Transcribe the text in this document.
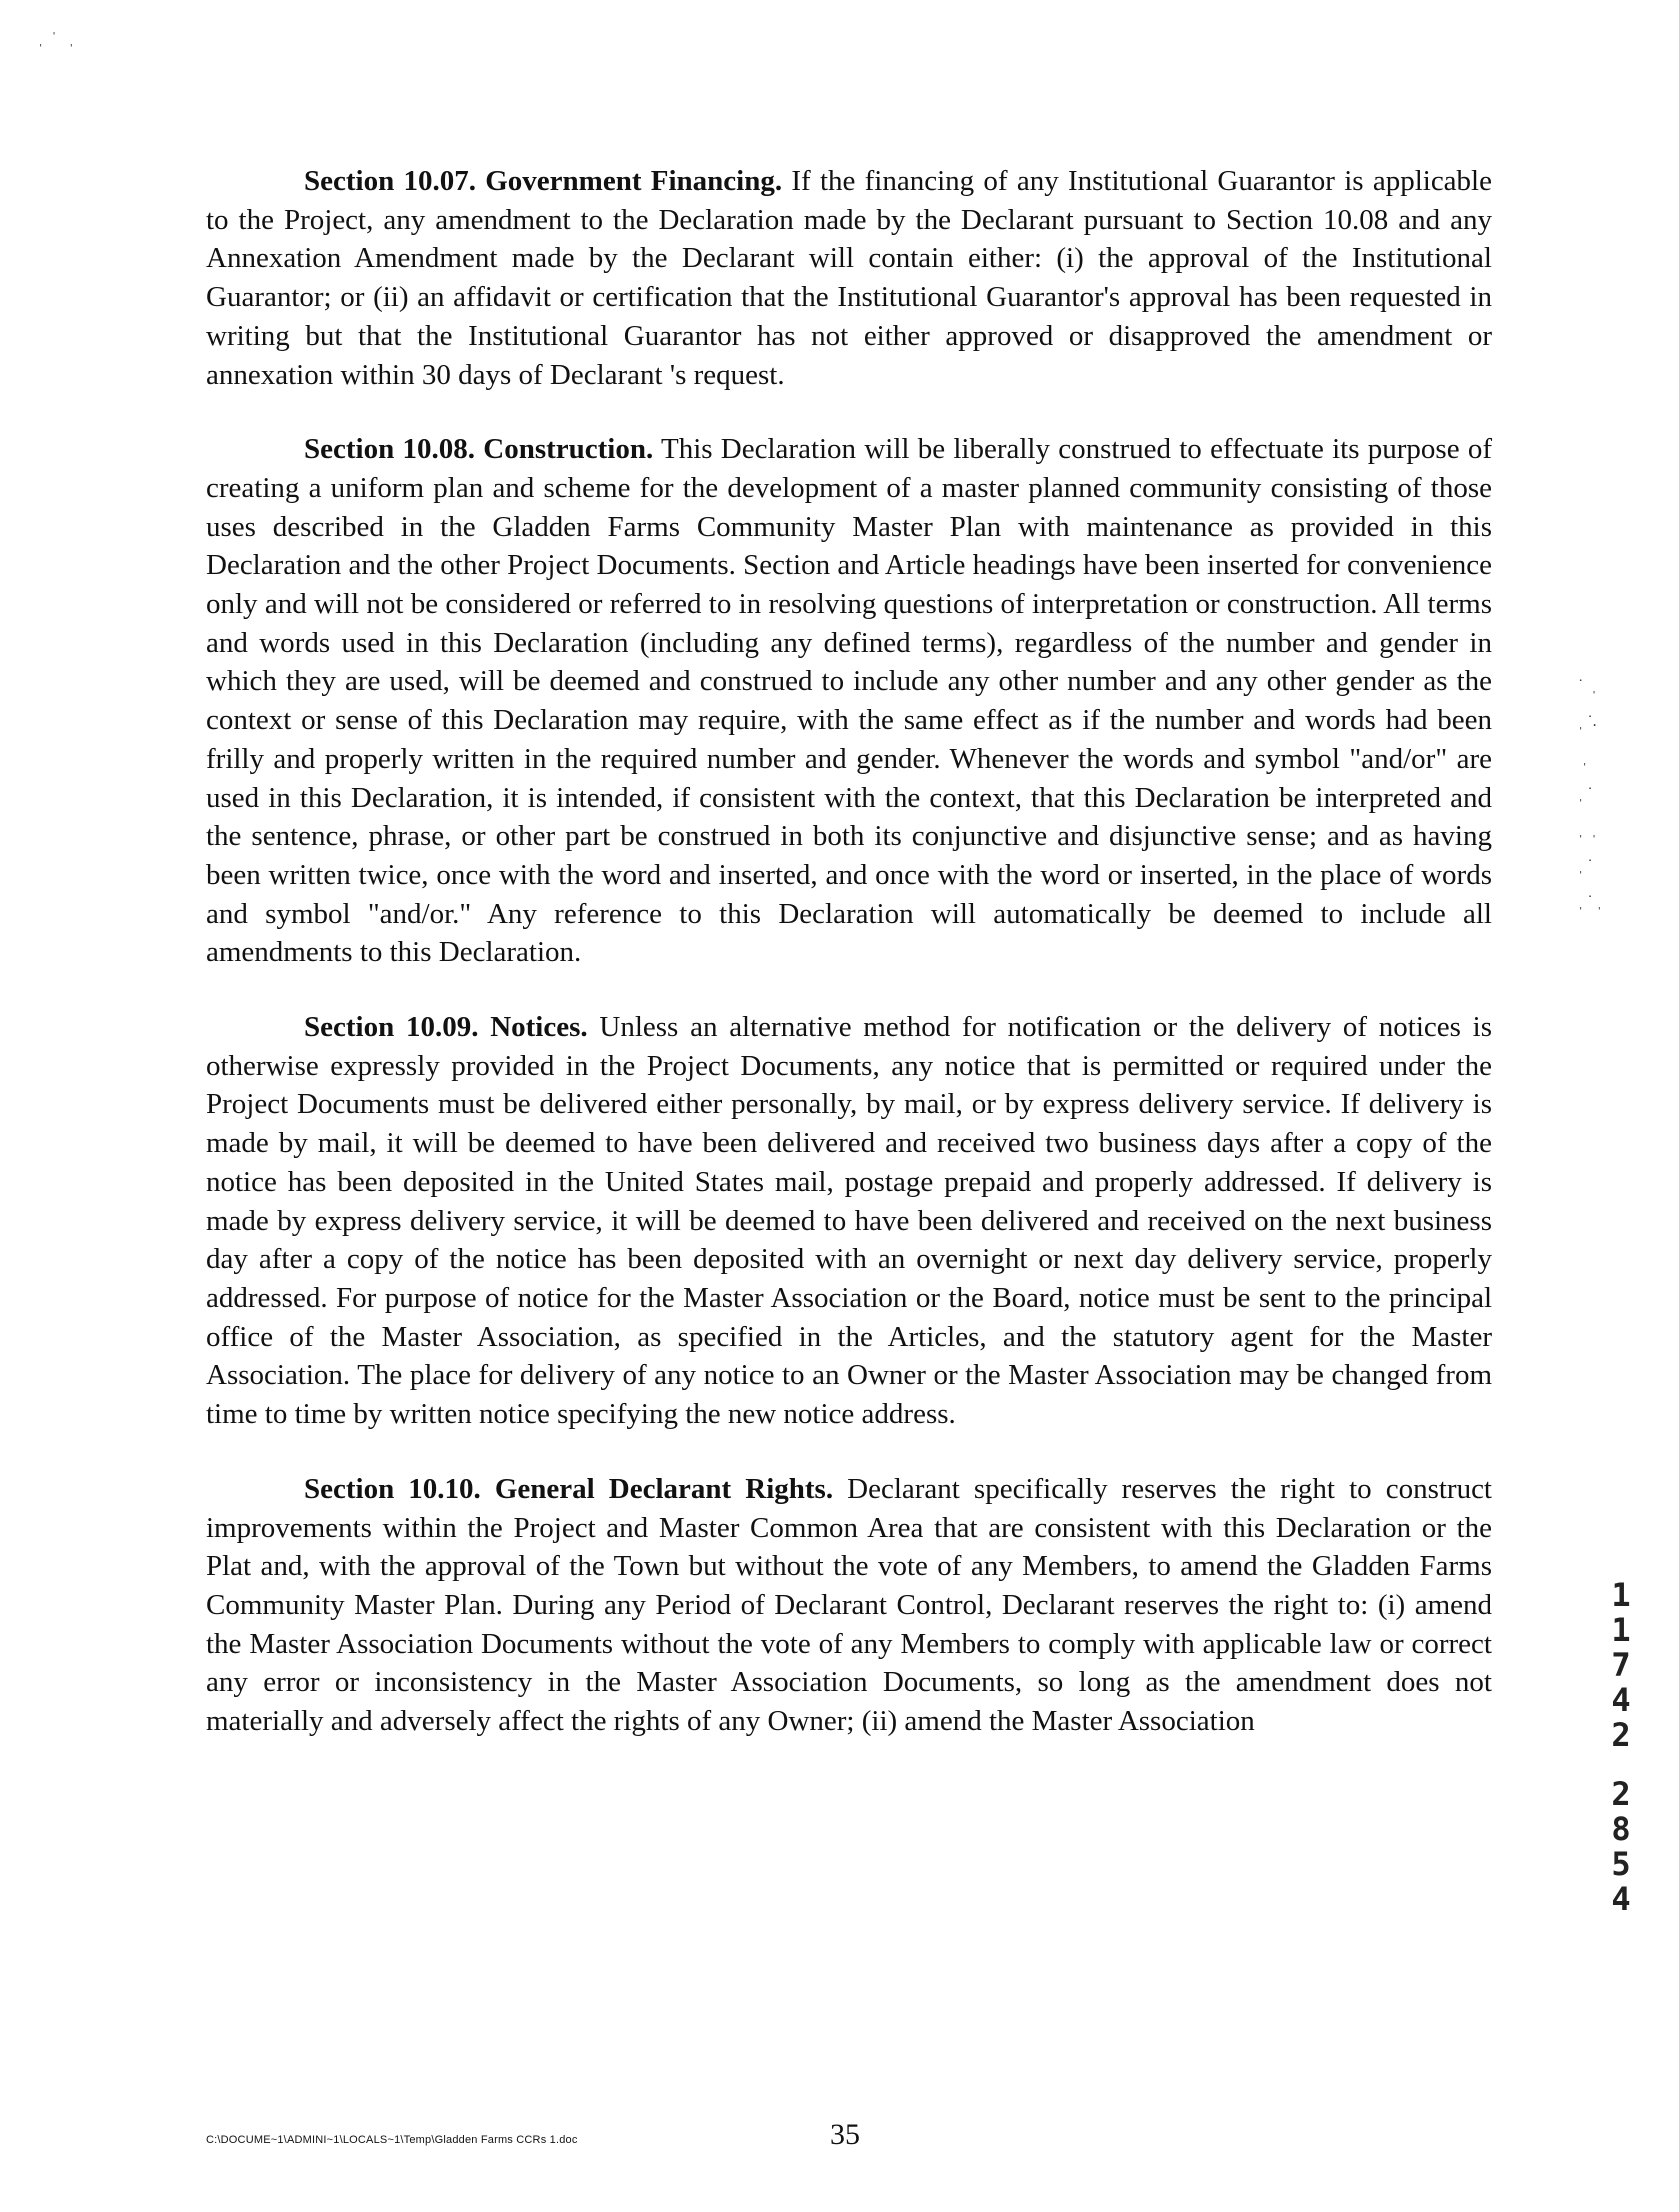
ˌ  ˈ   ˌ
˙  ˌ
ˌ ˙.
ˌ
ˌ ˙
ˌ  ˌ
ˌ ˙
ˌ ˙ ˌ

Section 10.07. Government Financing. If the financing of any Institutional Guarantor is applicable to the Project, any amendment to the Declaration made by the Declarant pursuant to Section 10.08 and any Annexation Amendment made by the Declarant will contain either: (i) the approval of the Institutional Guarantor; or (ii) an affidavit or certification that the Institutional Guarantor's approval has been requested in writing but that the Institutional Guarantor has not either approved or disapproved the amendment or annexation within 30 days of Declarant 's request.

Section 10.08. Construction. This Declaration will be liberally construed to effectuate its purpose of creating a uniform plan and scheme for the development of a master planned community consisting of those uses described in the Gladden Farms Community Master Plan with maintenance as provided in this Declaration and the other Project Documents. Section and Article headings have been inserted for convenience only and will not be considered or referred to in resolving questions of interpretation or construction. All terms and words used in this Declaration (including any defined terms), regardless of the number and gender in which they are used, will be deemed and construed to include any other number and any other gender as the context or sense of this Declaration may require, with the same effect as if the number and words had been frilly and properly written in the required number and gender. Whenever the words and symbol "and/or" are used in this Declaration, it is intended, if consistent with the context, that this Declaration be interpreted and the sentence, phrase, or other part be construed in both its conjunctive and disjunctive sense; and as having been written twice, once with the word and inserted, and once with the word or inserted, in the place of words and symbol "and/or." Any reference to this Declaration will automatically be deemed to include all amendments to this Declaration.

Section 10.09. Notices. Unless an alternative method for notification or the delivery of notices is otherwise expressly provided in the Project Documents, any notice that is permitted or required under the Project Documents must be delivered either personally, by mail, or by express delivery service. If delivery is made by mail, it will be deemed to have been delivered and received two business days after a copy of the notice has been deposited in the United States mail, postage prepaid and properly addressed. If delivery is made by express delivery service, it will be deemed to have been delivered and received on the next business day after a copy of the notice has been deposited with an overnight or next day delivery service, properly addressed. For purpose of notice for the Master Association or the Board, notice must be sent to the principal office of the Master Association, as specified in the Articles, and the statutory agent for the Master Association. The place for delivery of any notice to an Owner or the Master Association may be changed from time to time by written notice specifying the new notice address.

Section 10.10. General Declarant Rights. Declarant specifically reserves the right to construct improvements within the Project and Master Common Area that are consistent with this Declaration or the Plat and, with the approval of the Town but without the vote of any Members, to amend the Gladden Farms Community Master Plan. During any Period of Declarant Control, Declarant reserves the right to: (i) amend the Master Association Documents without the vote of any Members to comply with applicable law or correct any error or inconsistency in the Master Association Documents, so long as the amendment does not materially and adversely affect the rights of any Owner; (ii) amend the Master Association

1
1
7
4
2
2
8
5
4
C:\DOCUME~1\ADMINI~1\LOCALS~1\Temp\Gladden Farms CCRs 1.doc	35
